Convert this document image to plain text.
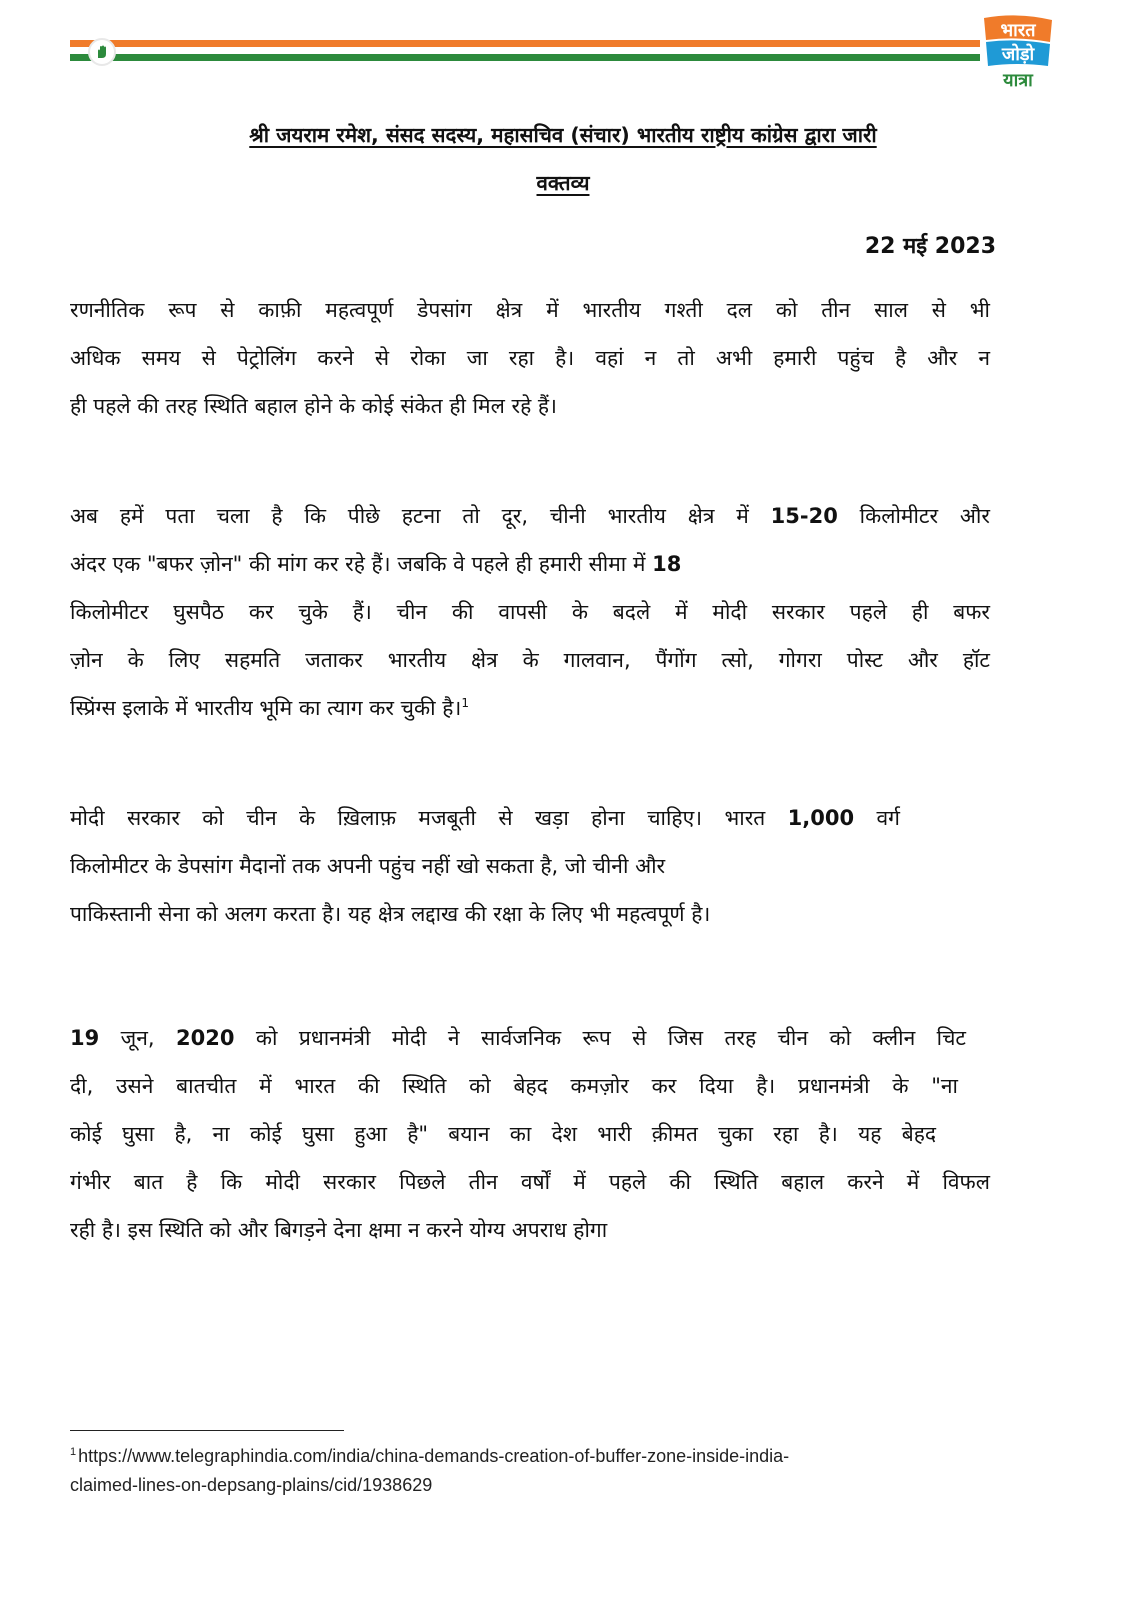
भारत
जोड़ो
यात्रा
श्री जयराम रमेश, संसद सदस्य, महासचिव (संचार) भारतीय राष्ट्रीय कांग्रेस द्वारा जारी
वक्तव्य
22 मई 2023
रणनीतिक रूप से काफ़ी महत्वपूर्ण डेपसांग क्षेत्र में भारतीय गश्ती दल को तीन साल से भी
अधिक समय से पेट्रोलिंग करने से रोका जा रहा है। वहां न तो अभी हमारी पहुंच है और न
ही पहले की तरह स्थिति बहाल होने के कोई संकेत ही मिल रहे हैं।
अब हमें पता चला है कि पीछे हटना तो दूर, चीनी भारतीय क्षेत्र में 15-20 किलोमीटर और
अंदर एक "बफर ज़ोन" की मांग कर रहे हैं। जबकि वे पहले ही हमारी सीमा में 18
किलोमीटर घुसपैठ कर चुके हैं। चीन की वापसी के बदले में मोदी सरकार पहले ही बफर
ज़ोन के लिए सहमति जताकर भारतीय क्षेत्र के गालवान, पैंगोंग त्सो, गोगरा पोस्ट और हॉट
स्प्रिंग्स इलाके में भारतीय भूमि का त्याग कर चुकी है।$^1$
मोदी सरकार को चीन के ख़िलाफ़ मजबूती से खड़ा होना चाहिए। भारत 1,000 वर्ग
किलोमीटर के डेपसांग मैदानों तक अपनी पहुंच नहीं खो सकता है, जो चीनी और
पाकिस्तानी सेना को अलग करता है। यह क्षेत्र लद्दाख की रक्षा के लिए भी महत्वपूर्ण है।
19 जून, 2020 को प्रधानमंत्री मोदी ने सार्वजनिक रूप से जिस तरह चीन को क्लीन चिट
दी, उसने बातचीत में भारत की स्थिति को बेहद कमज़ोर कर दिया है। प्रधानमंत्री के "ना
कोई घुसा है, ना कोई घुसा हुआ है" बयान का देश भारी क़ीमत चुका रहा है। यह बेहद
गंभीर बात है कि मोदी सरकार पिछले तीन वर्षों में पहले की स्थिति बहाल करने में विफल
रही है। इस स्थिति को और बिगड़ने देना क्षमा न करने योग्य अपराध होगा
$^1$ https://www.telegraphindia.com/india/china-demands-creation-of-buffer-zone-inside-india-
claimed-lines-on-depsang-plains/cid/1938629
